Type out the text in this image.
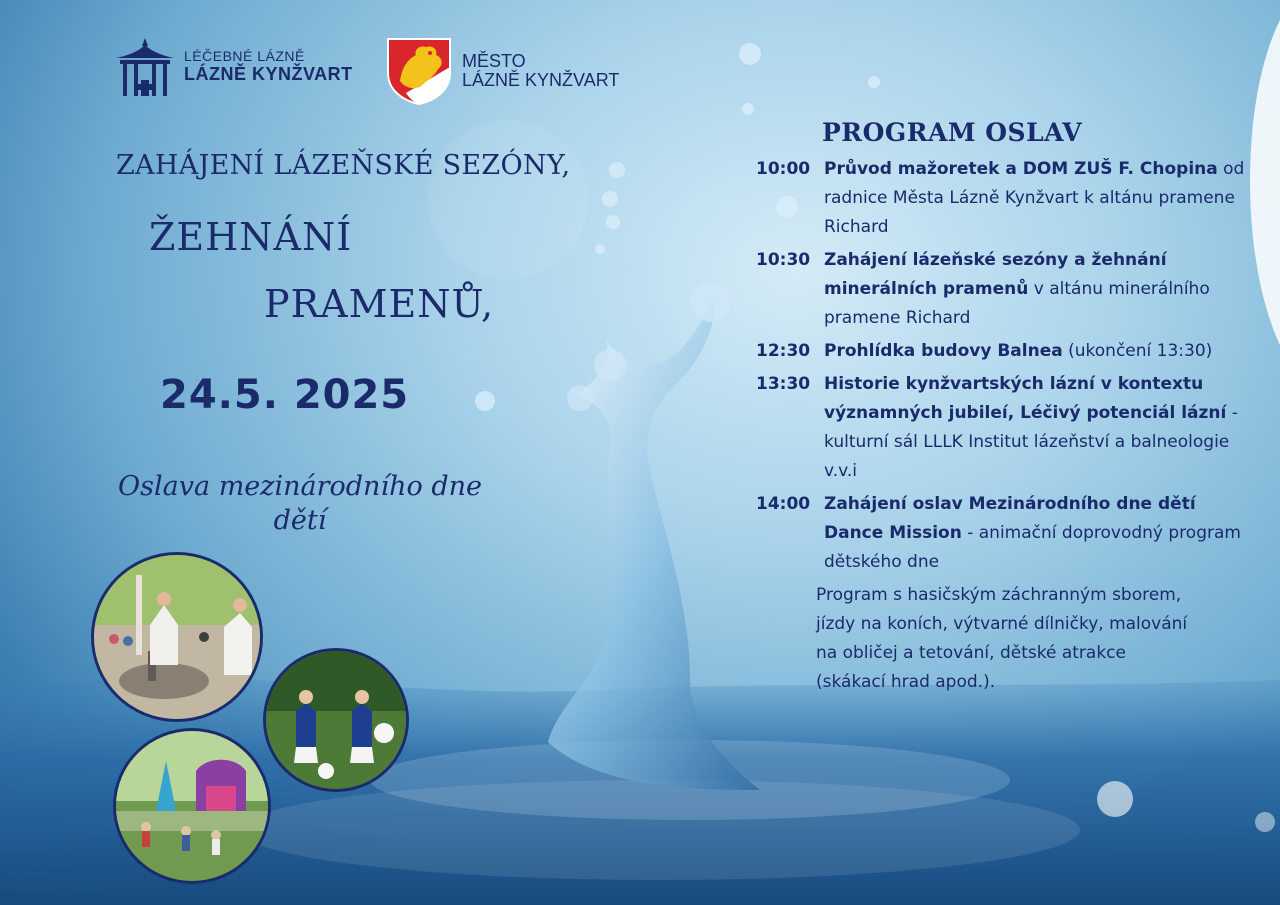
LÉČEBNÉ LÁZNĚ
LÁZNĚ KYNŽVART
MĚSTO
LÁZNĚ KYNŽVART
ZAHÁJENÍ LÁZEŇSKÉ SEZÓNY,
ŽEHNÁNÍ
PRAMENŮ,
24.5. 2025
Oslava mezinárodního dne dětí
PROGRAM OSLAV
10:00 Průvod mažoretek a DOM ZUŠ F. Chopina od radnice Města Lázně Kynžvart k altánu pramene Richard
10:30 Zahájení lázeňské sezóny a žehnání minerálních pramenů v altánu minerálního pramene Richard
12:30 Prohlídka budovy Balnea (ukončení 13:30)
13:30 Historie kynžvartských lázní v kontextu významných jubileí, Léčivý potenciál lázní - kulturní sál LLLK Institut lázeňství a balneologie v.v.i
14:00 Zahájení oslav Mezinárodního dne dětí Dance Mission - animační doprovodný program dětského dne
Program s hasičským záchranným sborem, jízdy na koních, výtvarné dílničky, malování na obličej a tetování, dětské atrakce (skákací hrad apod.).
